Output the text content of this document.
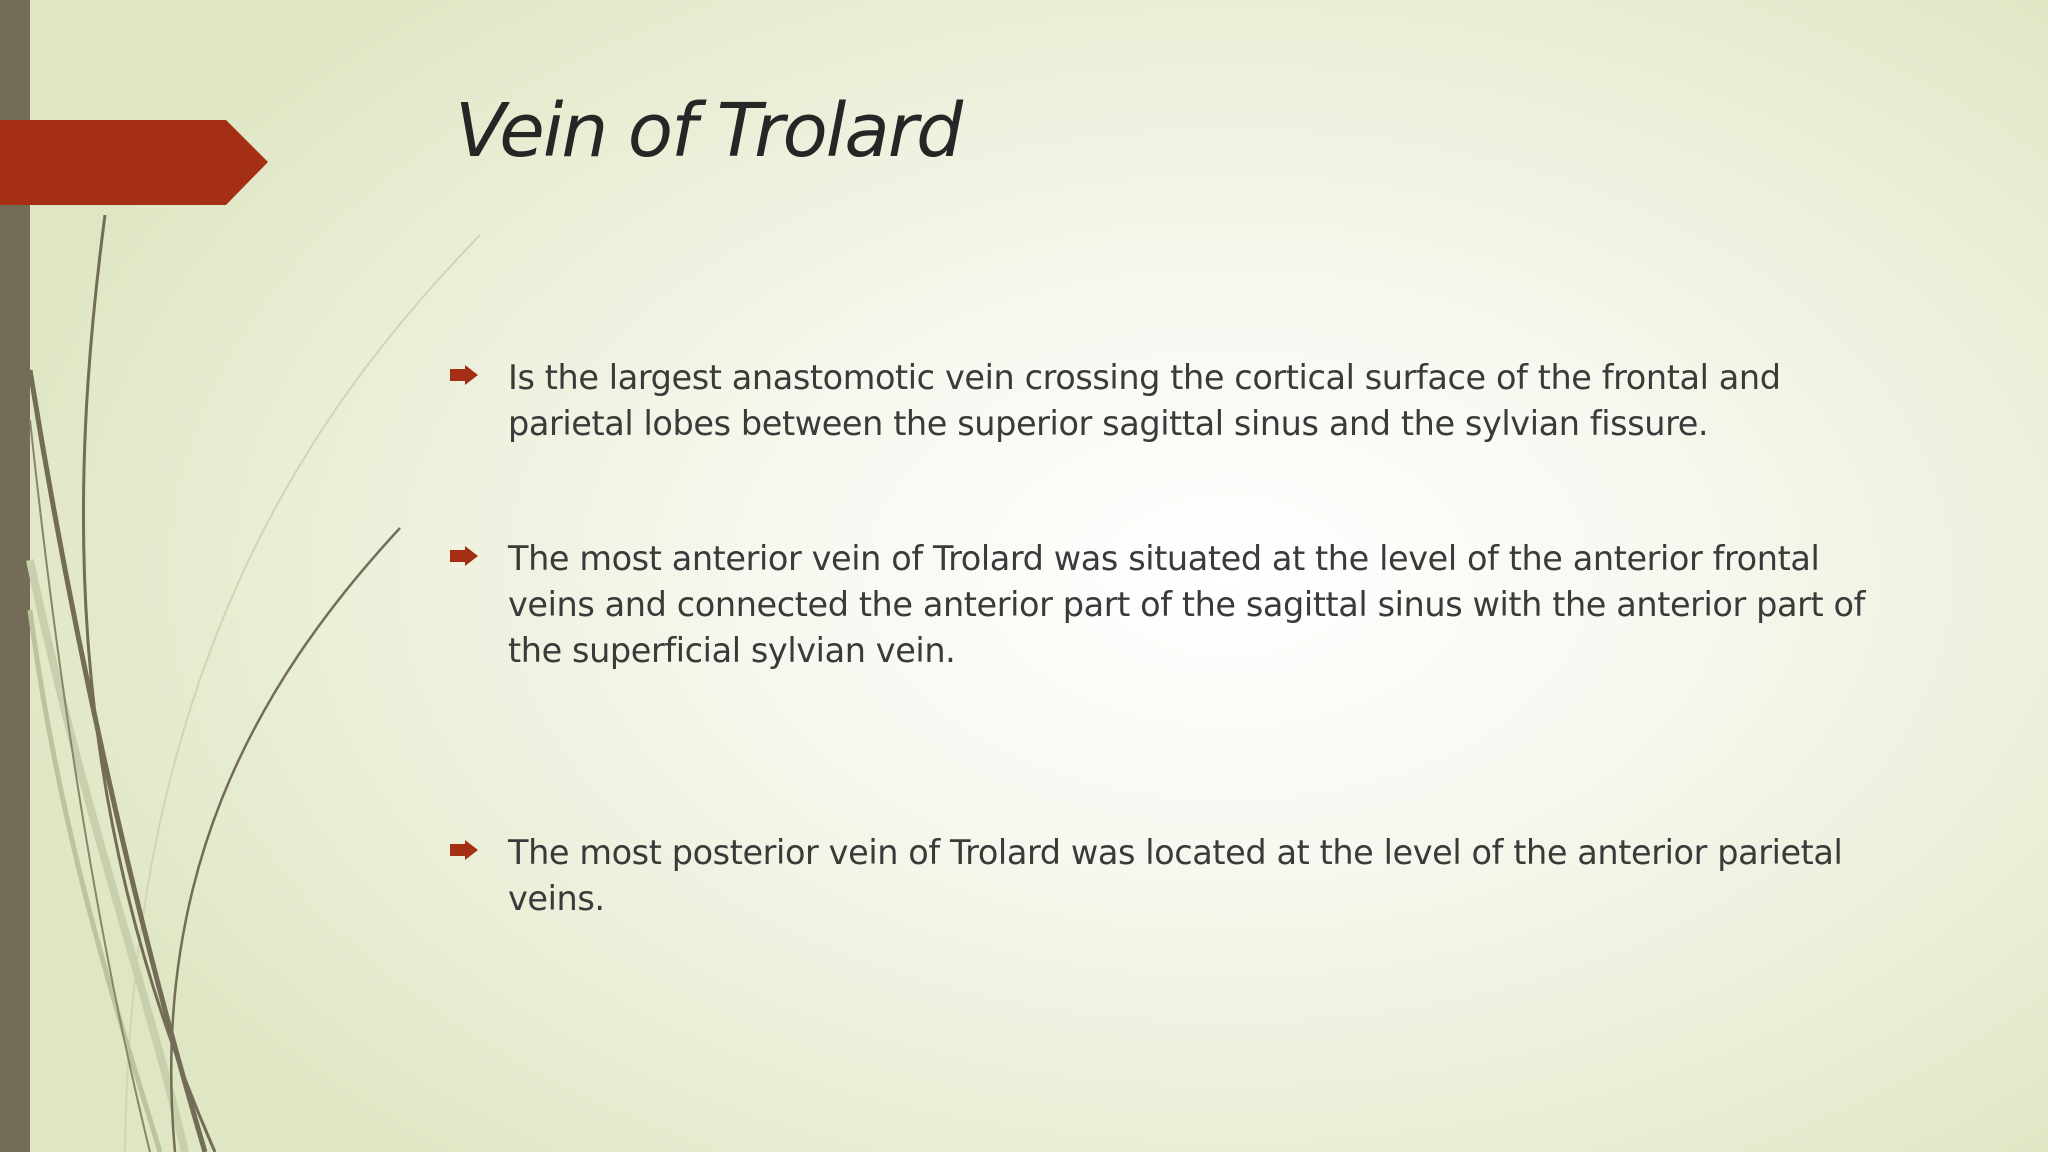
Vein of Trolard
Is the largest anastomotic vein crossing the cortical surface of the frontal and parietal lobes between the superior sagittal sinus and the sylvian fissure.
The most anterior vein of Trolard was situated at the level of the anterior frontal veins and connected the anterior part of the sagittal sinus with the anterior part of the superficial sylvian vein.
The most posterior vein of Trolard was located at the level of the anterior parietal veins.
